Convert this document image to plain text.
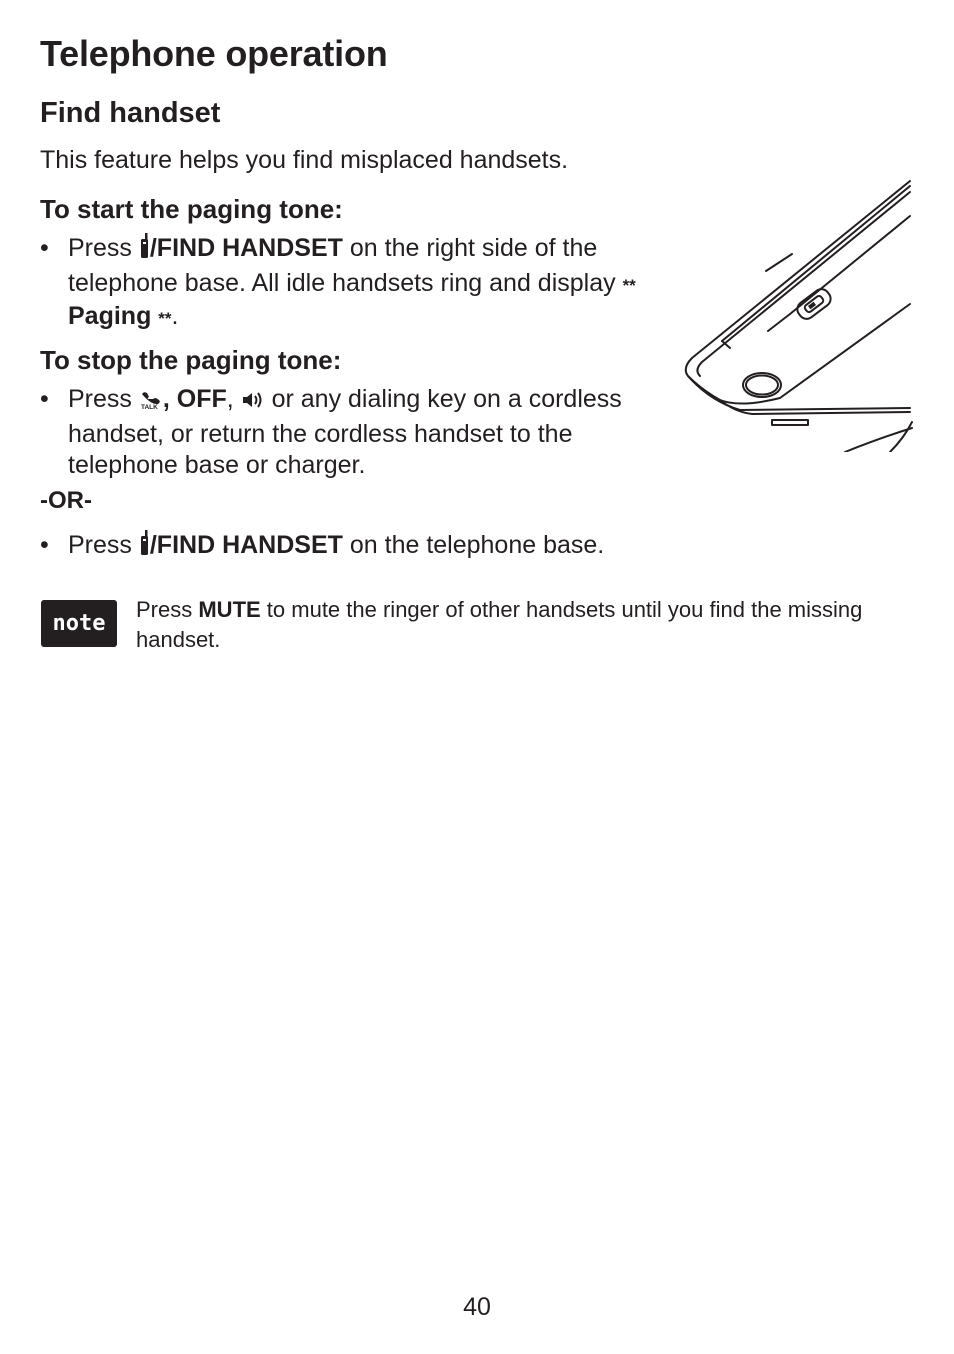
Telephone operation
Find handset
This feature helps you find misplaced handsets.
To start the paging tone:
• Press /FIND HANDSET on the right side of the telephone base. All idle handsets ring and display ** Paging **.
To stop the paging tone:
• Press TALK , OFF,  or any dialing key on a cordless handset, or return the cordless handset to the telephone base or charger.
-OR-
• Press /FIND HANDSET on the telephone base.
note
Press MUTE to mute the ringer of other handsets until you find the missing handset.
40
